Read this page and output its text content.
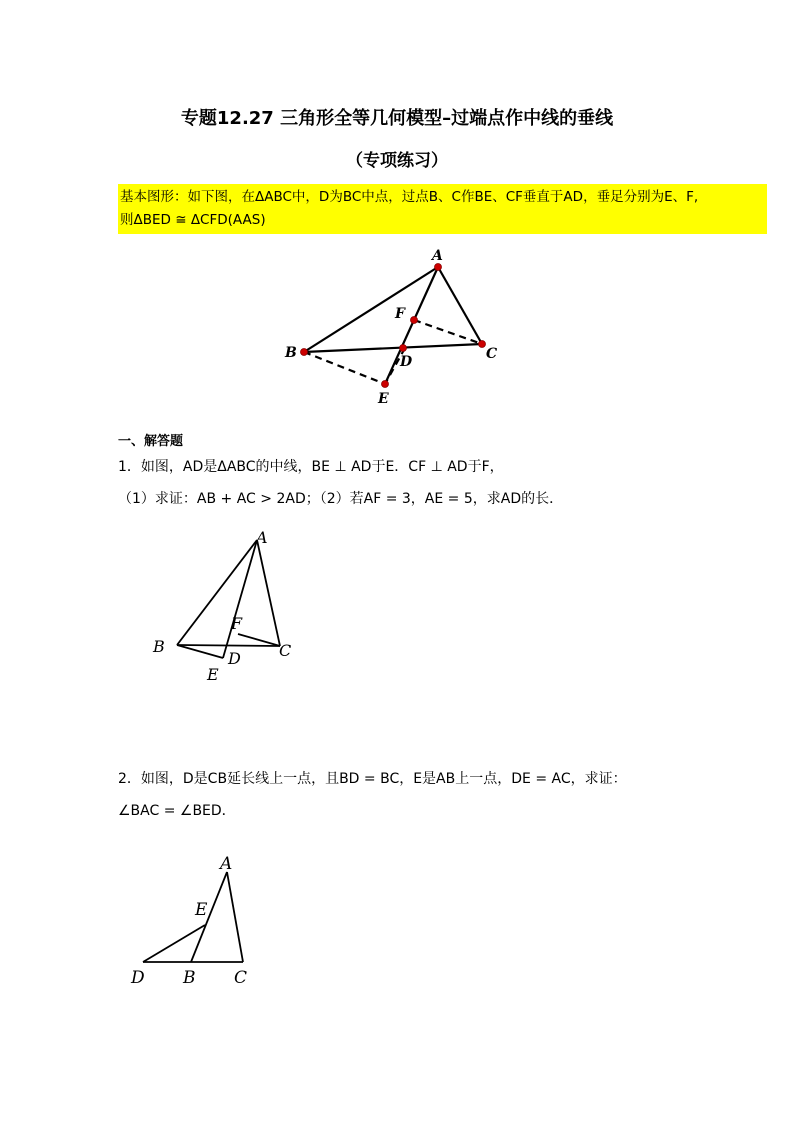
专题12.27 三角形全等几何模型–过端点作中线的垂线
（专项练习）
基本图形：如下图，在ΔABC中，D为BC中点，过点B、C作BE、CF垂直于AD，垂足分别为E、F,
则ΔBED ≅ ΔCFD(AAS)
A
B	C
D
E
F
一、解答题
1．如图，AD是ΔABC的中线，BE ⊥ AD于E．CF ⊥ AD于F，
（1）求证：AB + AC > 2AD；（2）若AF = 3，AE = 5，求AD的长．
A
B	C
D
E
F
2．如图，D是CB延长线上一点，且BD = BC，E是AB上一点，DE = AC，求证：
∠BAC = ∠BED．
A
E
D B C
